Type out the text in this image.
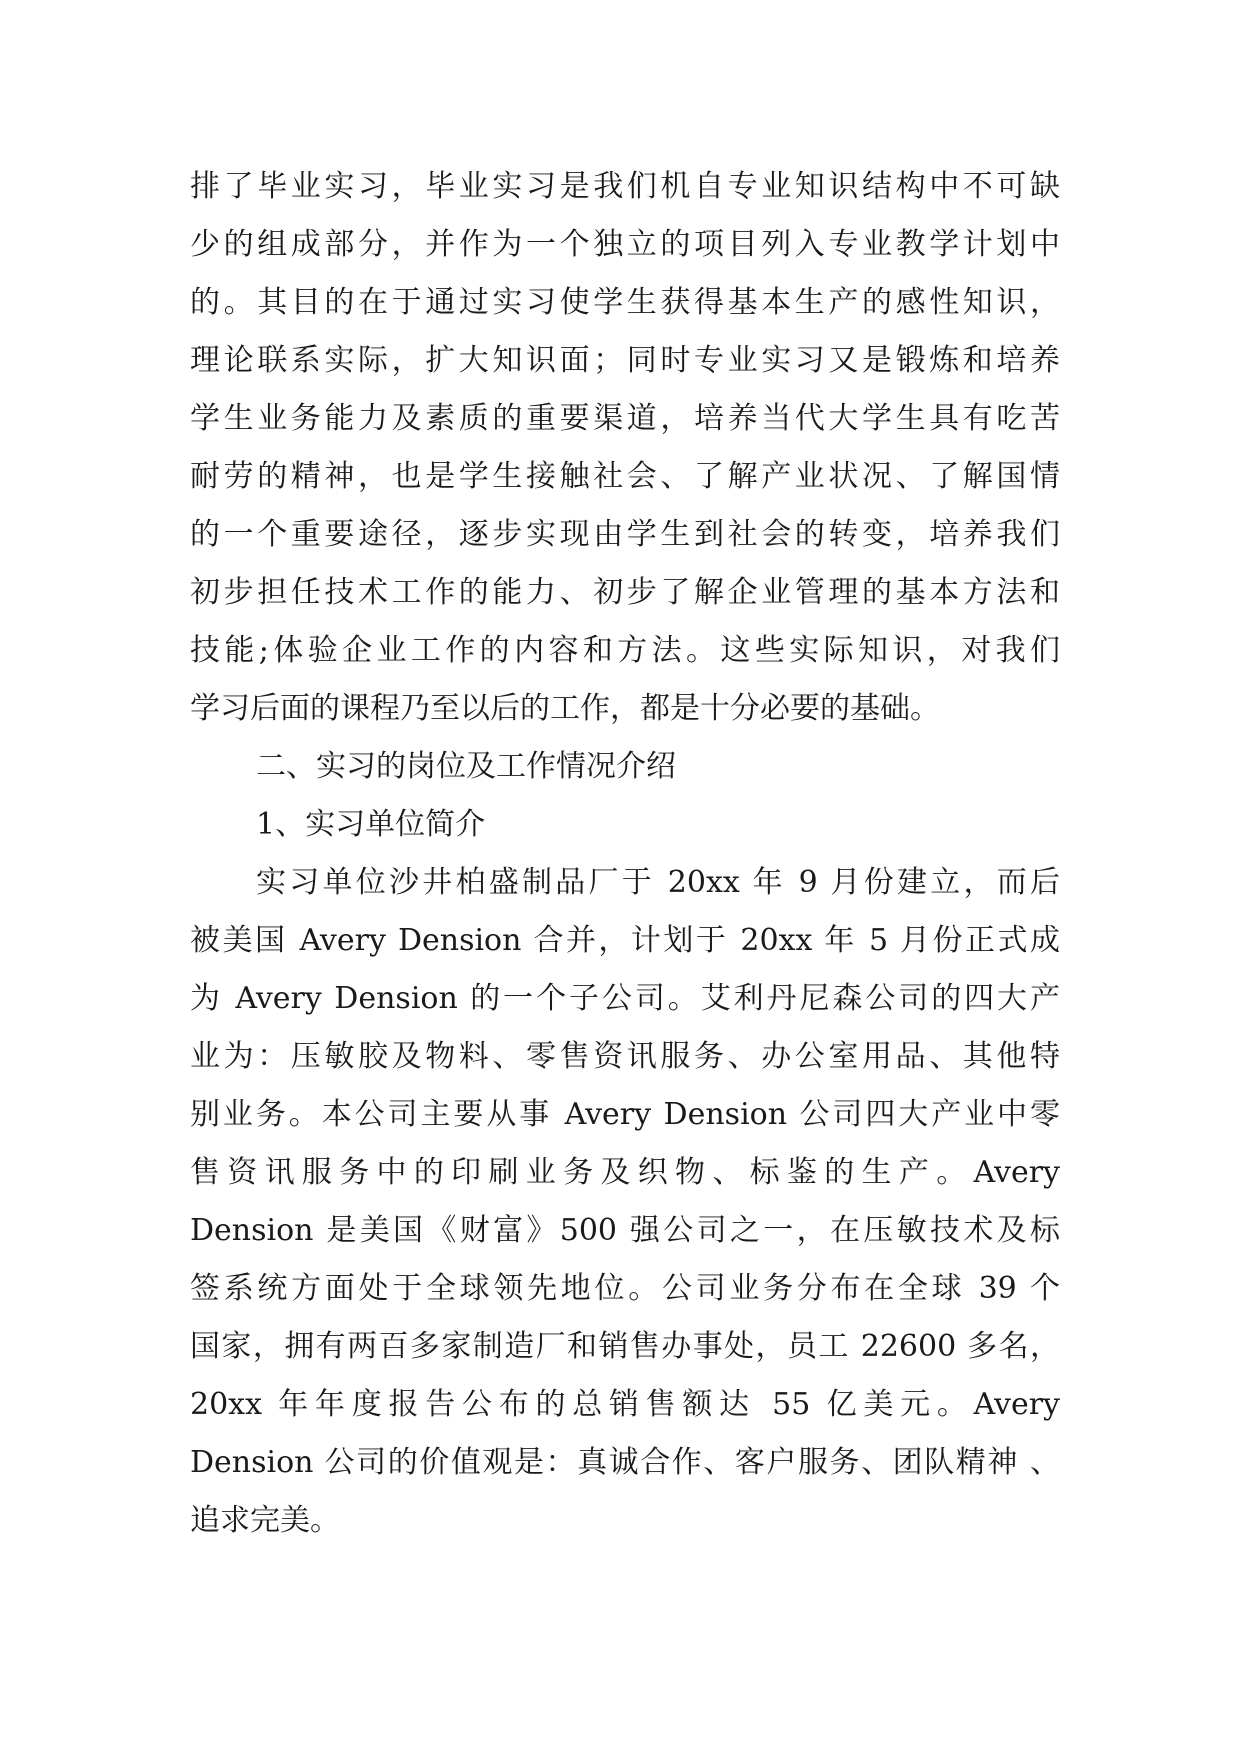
排了毕业实习，毕业实习是我们机自专业知识结构中不可缺
少的组成部分，并作为一个独立的项目列入专业教学计划中
的。其目的在于通过实习使学生获得基本生产的感性知识，
理论联系实际，扩大知识面；同时专业实习又是锻炼和培养
学生业务能力及素质的重要渠道，培养当代大学生具有吃苦
耐劳的精神，也是学生接触社会、了解产业状况、了解国情
的一个重要途径，逐步实现由学生到社会的转变，培养我们
初步担任技术工作的能力、初步了解企业管理的基本方法和
技能;体验企业工作的内容和方法。这些实际知识，对我们
学习后面的课程乃至以后的工作，都是十分必要的基础。
二、实习的岗位及工作情况介绍
1、实习单位简介
实习单位沙井柏盛制品厂于 20xx 年 9 月份建立，而后
被美国 Avery Dension 合并，计划于 20xx 年 5 月份正式成
为 Avery Dension 的一个子公司。艾利丹尼森公司的四大产
业为：压敏胶及物料、零售资讯服务、办公室用品、其他特
别业务。本公司主要从事 Avery Dension 公司四大产业中零
售资讯服务中的印刷业务及织物、标鉴的生产。Avery
Dension 是美国《财富》500 强公司之一，在压敏技术及标
签系统方面处于全球领先地位。公司业务分布在全球 39 个
国家，拥有两百多家制造厂和销售办事处，员工 22600 多名，
20xx 年年度报告公布的总销售额达 55 亿美元。Avery
Dension 公司的价值观是：真诚合作、客户服务、团队精神 、
追求完美。
